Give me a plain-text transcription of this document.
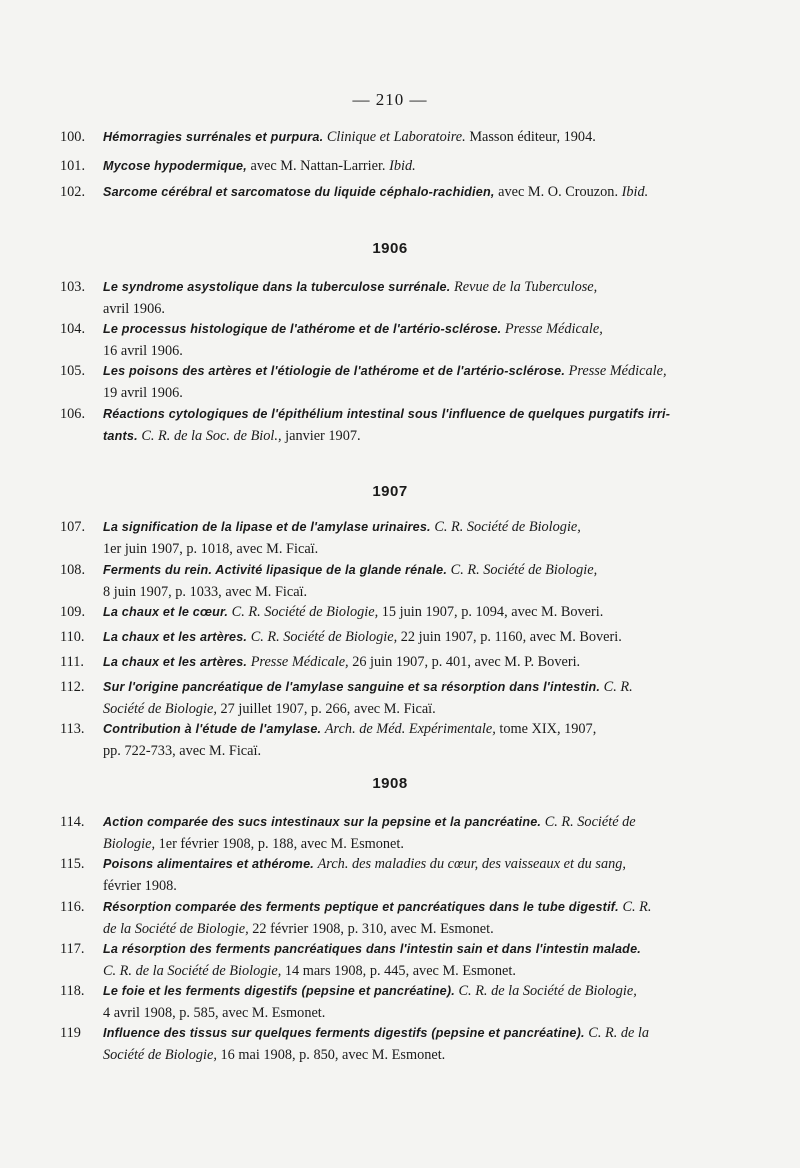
— 210 —
100. Hémorragies surrénales et purpura. Clinique et Laboratoire. Masson éditeur, 1904.
101. Mycose hypodermique, avec M. Nattan-Larrier. Ibid.
102. Sarcome cérébral et sarcomatose du liquide céphalo-rachidien, avec M. O. Crouzon. Ibid.
1906
103. Le syndrome asystolique dans la tuberculose surrénale. Revue de la Tuberculose,
avril 1906.
104. Le processus histologique de l'athérome et de l'artério-sclérose. Presse Médicale,
16 avril 1906.
105. Les poisons des artères et l'étiologie de l'athérome et de l'artério-sclérose. Presse Médicale,
19 avril 1906.
106. Réactions cytologiques de l'épithélium intestinal sous l'influence de quelques purgatifs irri-
tants. C. R. de la Soc. de Biol., janvier 1907.
1907
107. La signification de la lipase et de l'amylase urinaires. C. R. Société de Biologie,
1er juin 1907, p. 1018, avec M. Ficaï.
108. Ferments du rein. Activité lipasique de la glande rénale. C. R. Société de Biologie,
8 juin 1907, p. 1033, avec M. Ficaï.
109. La chaux et le cœur. C. R. Société de Biologie, 15 juin 1907, p. 1094, avec M. Boveri.
110. La chaux et les artères. C. R. Société de Biologie, 22 juin 1907, p. 1160, avec M. Boveri.
111. La chaux et les artères. Presse Médicale, 26 juin 1907, p. 401, avec M. P. Boveri.
112. Sur l'origine pancréatique de l'amylase sanguine et sa résorption dans l'intestin. C. R.
Société de Biologie, 27 juillet 1907, p. 266, avec M. Ficaï.
113. Contribution à l'étude de l'amylase. Arch. de Méd. Expérimentale, tome XIX, 1907,
pp. 722-733, avec M. Ficaï.
1908
114. Action comparée des sucs intestinaux sur la pepsine et la pancréatine. C. R. Société de
Biologie, 1er février 1908, p. 188, avec M. Esmonet.
115. Poisons alimentaires et athérome. Arch. des maladies du cœur, des vaisseaux et du sang,
février 1908.
116. Résorption comparée des ferments peptique et pancréatiques dans le tube digestif. C. R.
de la Société de Biologie, 22 février 1908, p. 310, avec M. Esmonet.
117. La résorption des ferments pancréatiques dans l'intestin sain et dans l'intestin malade.
C. R. de la Société de Biologie, 14 mars 1908, p. 445, avec M. Esmonet.
118. Le foie et les ferments digestifs (pepsine et pancréatine). C. R. de la Société de Biologie,
4 avril 1908, p. 585, avec M. Esmonet.
119 Influence des tissus sur quelques ferments digestifs (pepsine et pancréatine). C. R. de la
Société de Biologie, 16 mai 1908, p. 850, avec M. Esmonet.
